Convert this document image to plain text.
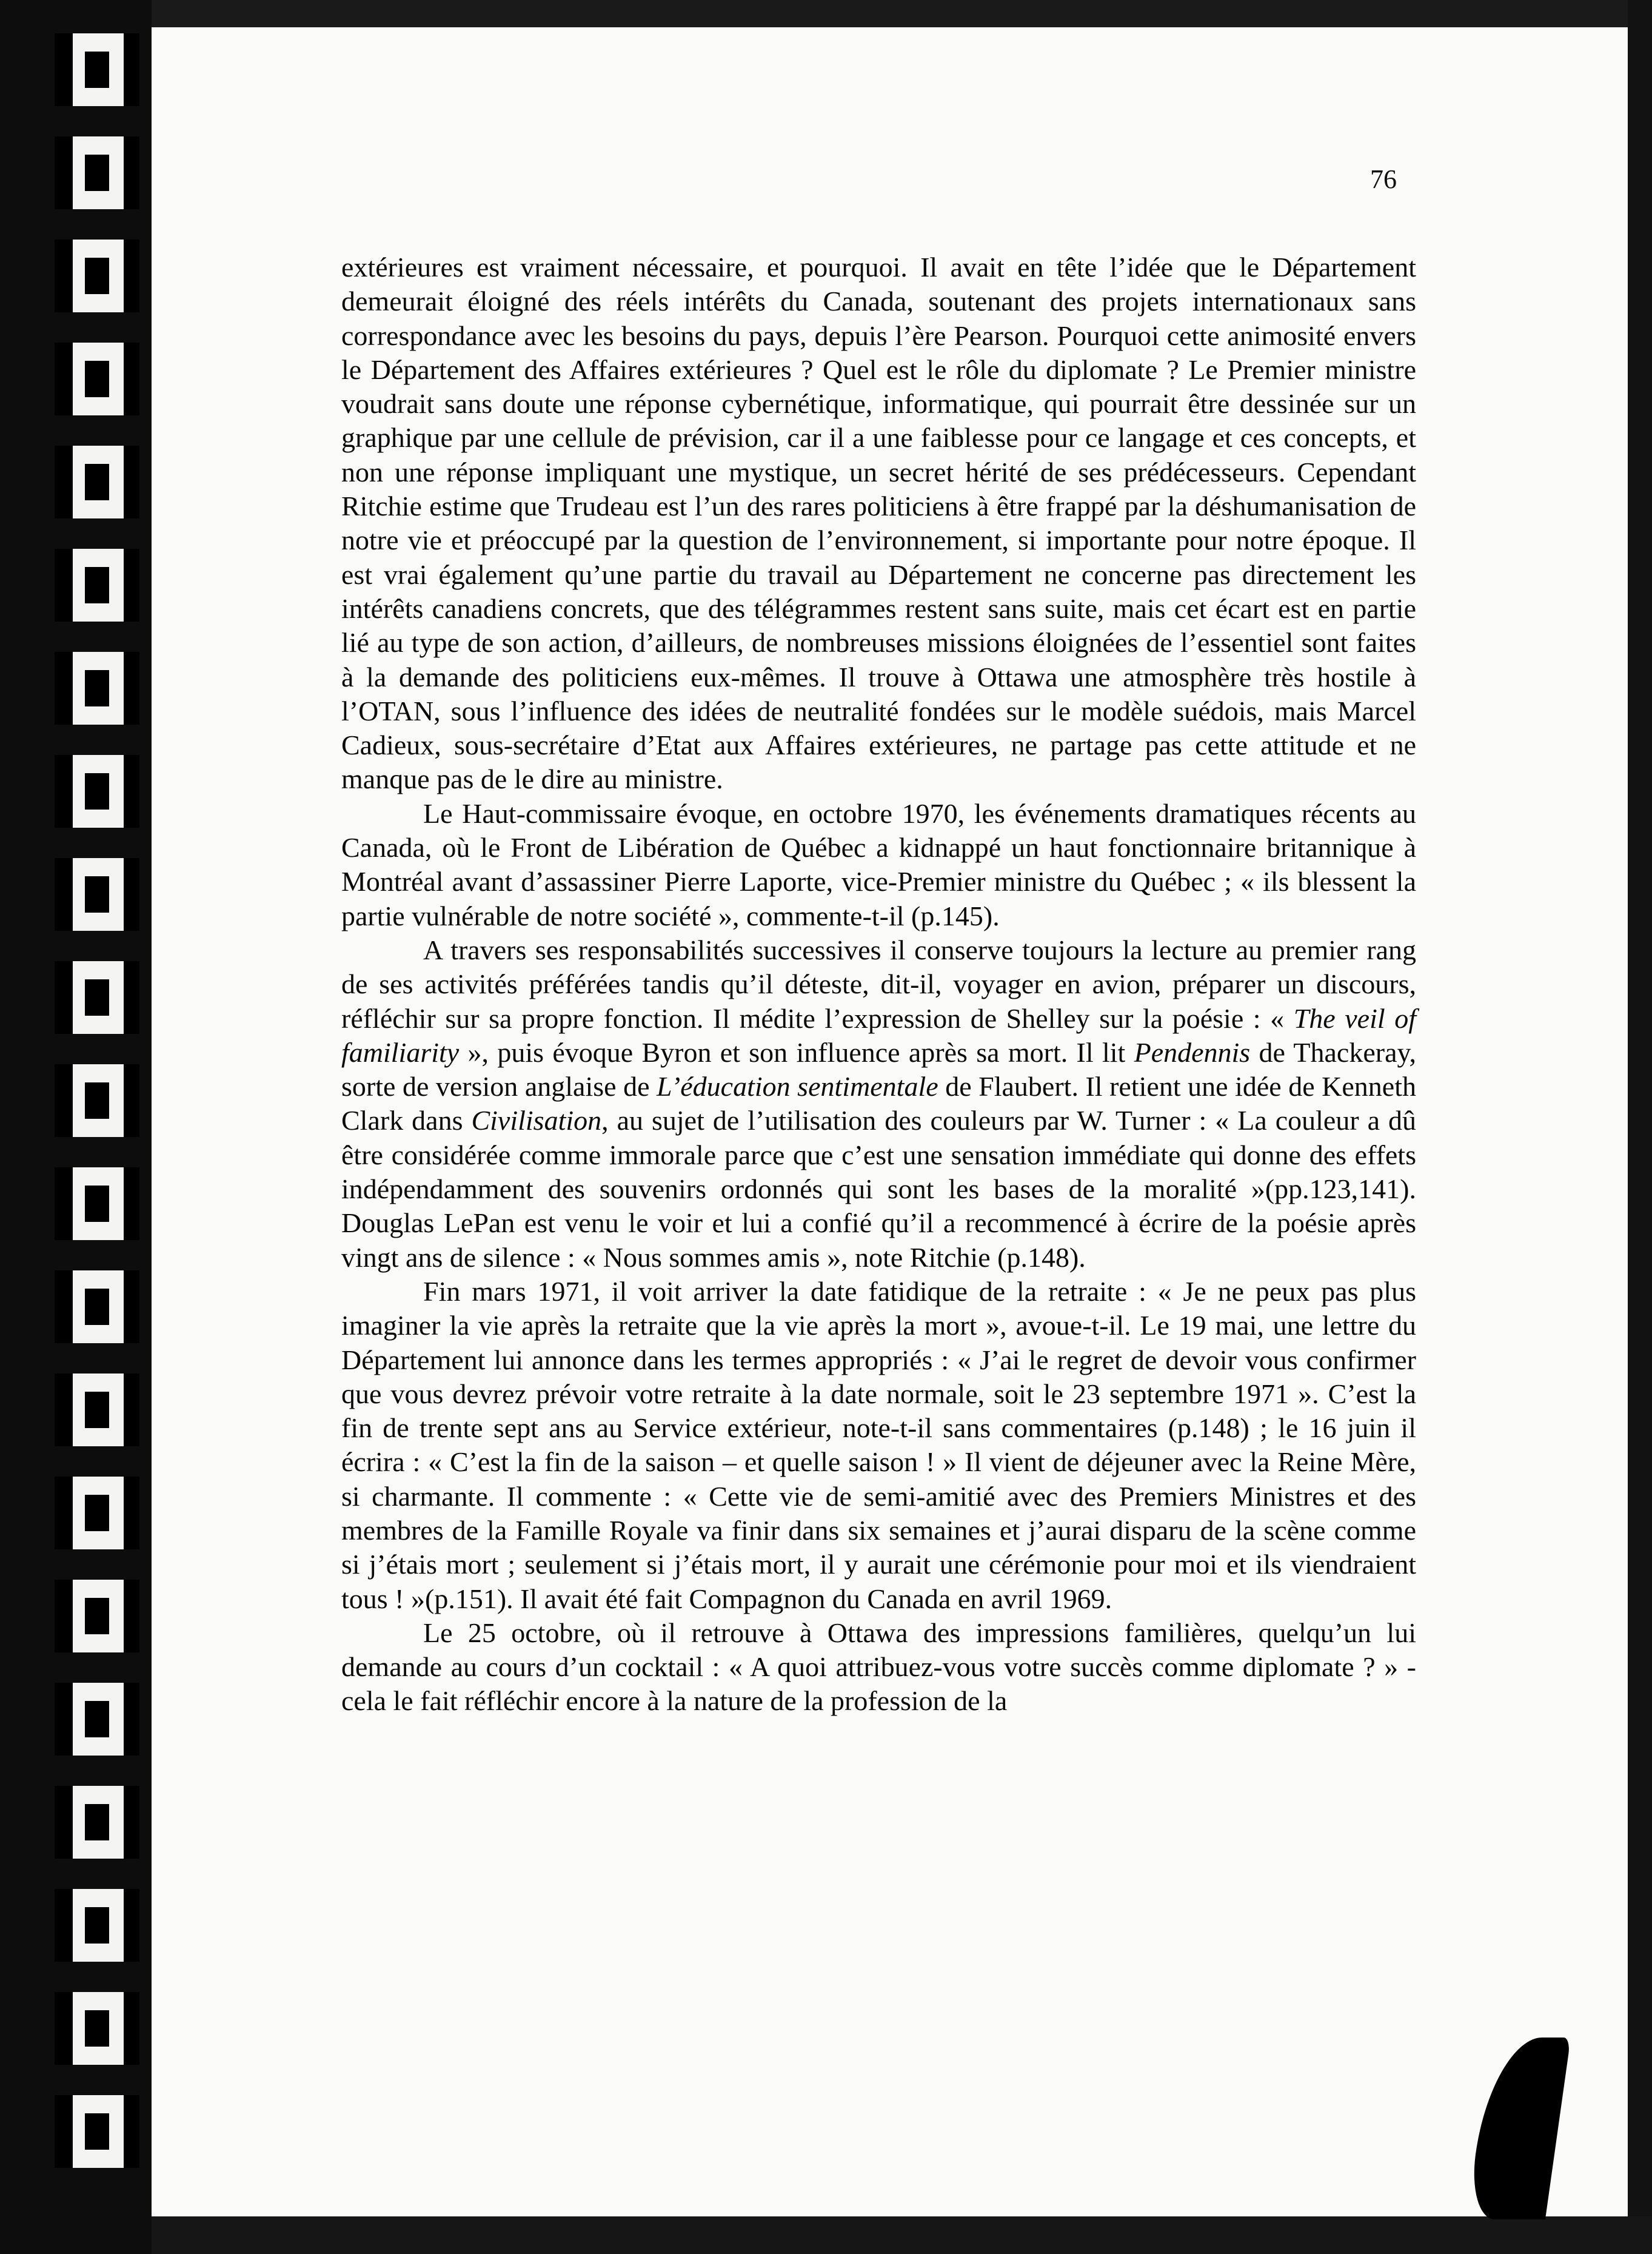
76

extérieures est vraiment nécessaire, et pourquoi. Il avait en tête l’idée que le Département demeurait éloigné des réels intérêts du Canada, soutenant des projets internationaux sans correspondance avec les besoins du pays, depuis l’ère Pearson. Pourquoi cette animosité envers le Département des Affaires extérieures ? Quel est le rôle du diplomate ? Le Premier ministre voudrait sans doute une réponse cybernétique, informatique, qui pourrait être dessinée sur un graphique par une cellule de prévision, car il a une faiblesse pour ce langage et ces concepts, et non une réponse impliquant une mystique, un secret hérité de ses prédécesseurs. Cependant Ritchie estime que Trudeau est l’un des rares politiciens à être frappé par la déshumanisation de notre vie et préoccupé par la question de l’environnement, si importante pour notre époque. Il est vrai également qu’une partie du travail au Département ne concerne pas directement les intérêts canadiens concrets, que des télégrammes restent sans suite, mais cet écart est en partie lié au type de son action, d’ailleurs, de nombreuses missions éloignées de l’essentiel sont faites à la demande des politiciens eux-mêmes. Il trouve à Ottawa une atmosphère très hostile à l’OTAN, sous l’influence des idées de neutralité fondées sur le modèle suédois, mais Marcel Cadieux, sous-secrétaire d’Etat aux Affaires extérieures, ne partage pas cette attitude et ne manque pas de le dire au ministre.

Le Haut-commissaire évoque, en octobre 1970, les événements dramatiques récents au Canada, où le Front de Libération de Québec a kidnappé un haut fonctionnaire britannique à Montréal avant d’assassiner Pierre Laporte, vice-Premier ministre du Québec ; « ils blessent la partie vulnérable de notre société », commente-t-il (p.145).

A travers ses responsabilités successives il conserve toujours la lecture au premier rang de ses activités préférées tandis qu’il déteste, dit-il, voyager en avion, préparer un discours, réfléchir sur sa propre fonction. Il médite l’expression de Shelley sur la poésie : « The veil of familiarity », puis évoque Byron et son influence après sa mort. Il lit Pendennis de Thackeray, sorte de version anglaise de L’éducation sentimentale de Flaubert. Il retient une idée de Kenneth Clark dans Civilisation, au sujet de l’utilisation des couleurs par W. Turner : « La couleur a dû être considérée comme immorale parce que c’est une sensation immédiate qui donne des effets indépendamment des souvenirs ordonnés qui sont les bases de la moralité »(pp.123,141). Douglas LePan est venu le voir et lui a confié qu’il a recommencé à écrire de la poésie après vingt ans de silence : « Nous sommes amis », note Ritchie (p.148).

Fin mars 1971, il voit arriver la date fatidique de la retraite : « Je ne peux pas plus imaginer la vie après la retraite que la vie après la mort », avoue-t-il. Le 19 mai, une lettre du Département lui annonce dans les termes appropriés : « J’ai le regret de devoir vous confirmer que vous devrez prévoir votre retraite à la date normale, soit le 23 septembre 1971 ». C’est la fin de trente sept ans au Service extérieur, note-t-il sans commentaires (p.148) ; le 16 juin il écrira : « C’est la fin de la saison – et quelle saison ! » Il vient de déjeuner avec la Reine Mère, si charmante. Il commente : « Cette vie de semi-amitié avec des Premiers Ministres et des membres de la Famille Royale va finir dans six semaines et j’aurai disparu de la scène comme si j’étais mort ; seulement si j’étais mort, il y aurait une cérémonie pour moi et ils viendraient tous ! »(p.151). Il avait été fait Compagnon du Canada en avril 1969.

Le 25 octobre, où il retrouve à Ottawa des impressions familières, quelqu’un lui demande au cours d’un cocktail : « A quoi attribuez-vous votre succès comme diplomate ? » - cela le fait réfléchir encore à la nature de la profession de la
